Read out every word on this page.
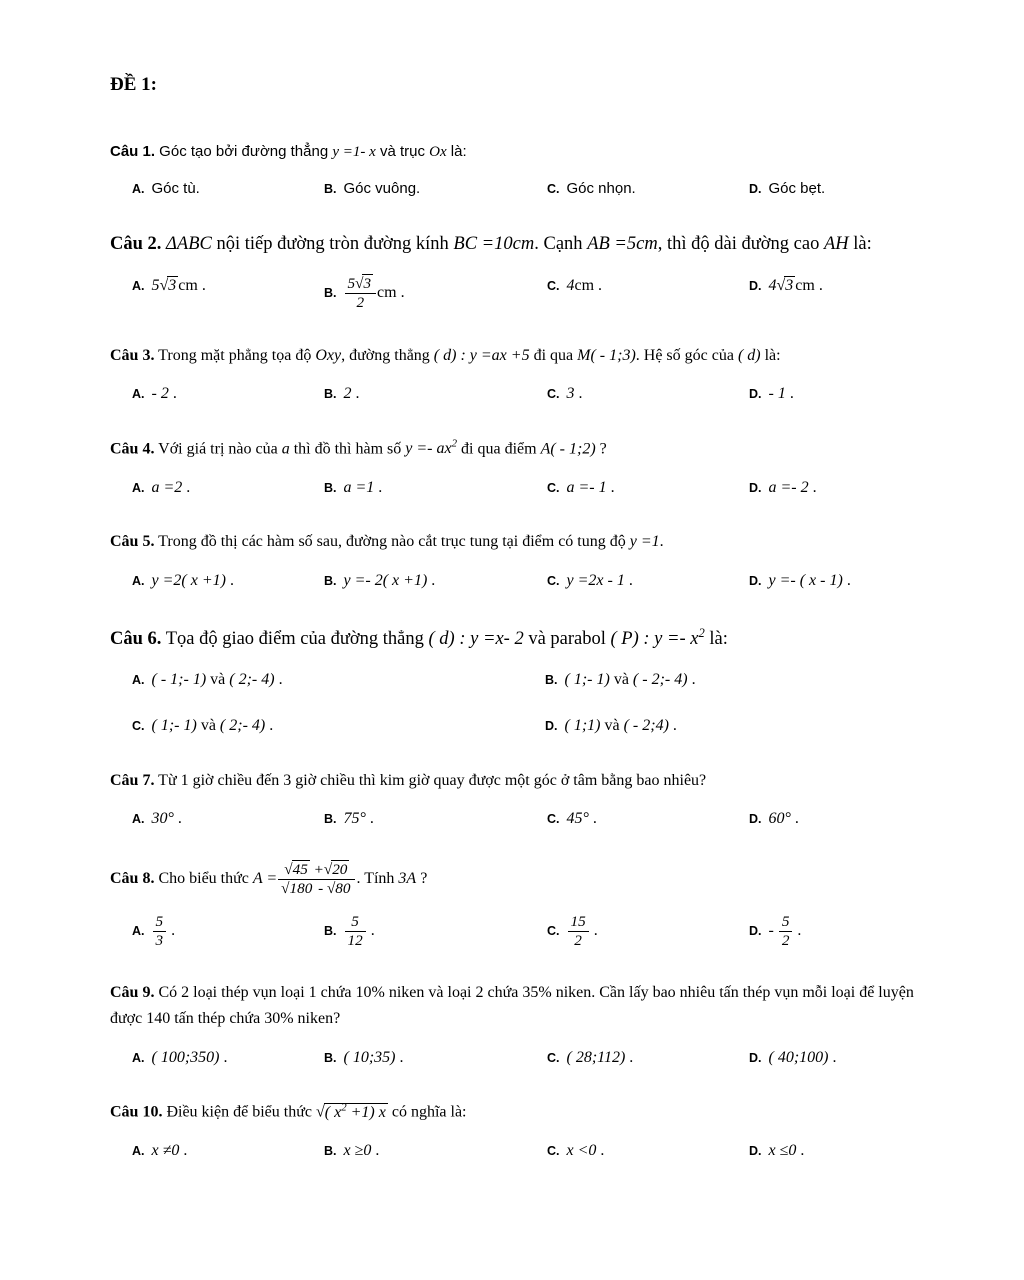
ĐỀ 1:

Câu 1. Góc tạo bởi đường thẳng y =1- x và trục Ox là:

A. Góc tù.	B. Góc vuông.	C. Góc nhọn.	D. Góc bẹt.

Câu 2. ΔABC nội tiếp đường tròn đường kính BC =10cm. Cạnh AB =5cm, thì độ dài đường cao AH là:

A. 5√3 cm .	B. $\frac{5√3}{2}$ cm .	C. 4cm .	D. 4√3 cm .

Câu 3. Trong mặt phẳng tọa độ Oxy, đường thẳng ( d) : y =ax +5 đi qua M( - 1;3). Hệ số góc của ( d) là:

A. - 2 .	B. 2 .	C. 3 .	D. - 1 .

Câu 4. Với giá trị nào của a thì đồ thì hàm số $y =- ax^2$ đi qua điểm A( - 1;2) ?

A. a =2 .	B. a =1 .	C. a =- 1 .	D. a =- 2 .

Câu 5. Trong đồ thị các hàm số sau, đường nào cắt trục tung tại điểm có tung độ y =1.

A. y =2( x +1) .	B. y =- 2( x +1) .	C. y =2x - 1 .	D. y =- ( x - 1) .

Câu 6. Tọa độ giao điểm của đường thẳng ( d) : y =x- 2 và parabol ( P) : $y =- x^2$ là:

A. ( - 1;- 1) và ( 2;- 4) .	B. ( 1;- 1) và ( - 2;- 4) .
C. ( 1;- 1) và ( 2;- 4) .	D. ( 1;1) và ( - 2;4) .

Câu 7. Từ 1 giờ chiều đến 3 giờ chiều thì kim giờ quay được một góc ở tâm bằng bao nhiêu?

A. 30° .	B. 75° .	C. 45° .	D. 60° .

Câu 8. Cho biểu thức $A = \frac{√45 +√20}{√180 - √80}$ . Tính 3A ?

A. $\frac{5}{3}$ .	B. $\frac{5}{12}$ .	C. $\frac{15}{2}$ .	D. - $\frac{5}{2}$ .

Câu 9. Có 2 loại thép vụn loại 1 chứa 10% niken và loại 2 chứa 35% niken. Cần lấy bao nhiêu tấn thép vụn mỗi loại để luyện được 140 tấn thép chứa 30% niken?

A. ( 100;350) .	B. ( 10;35) .	C. ( 28;112) .	D. ( 40;100) .

Câu 10. Điều kiện để biểu thức √( $x^2 +1$) x có nghĩa là:

A. x ≠0 .	B. x ≥0 .	C. x <0 .	D. x ≤0 .
